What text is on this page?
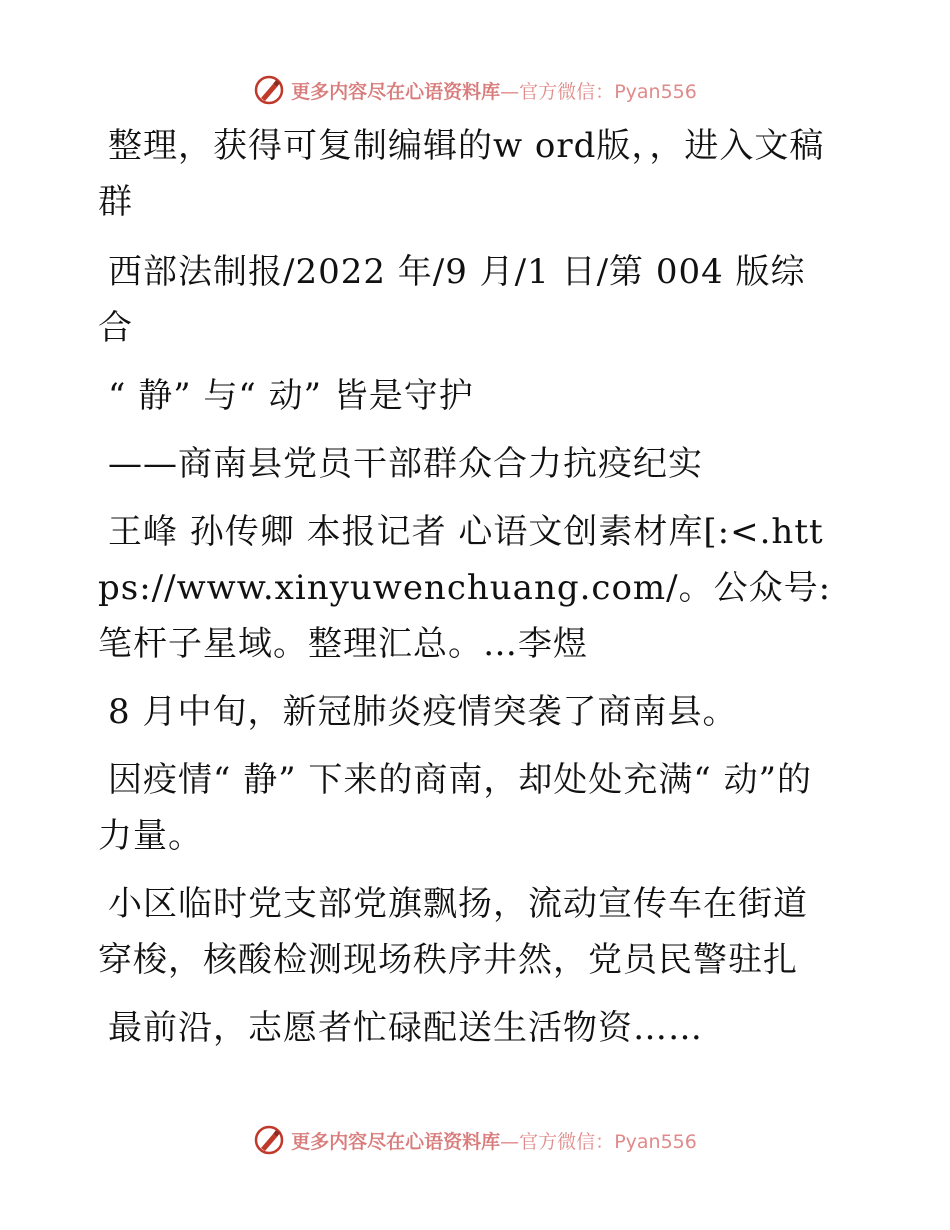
更多内容尽在心语资料库—官方微信：Pyan556

整理，获得可复制编辑的w ord版，，进入文稿群

西部法制报/2022 年/9 月/1 日/第 004 版综合

“ 静” 与“ 动” 皆是守护

——商南县党员干部群众合力抗疫纪实

王峰 孙传卿 本报记者 心语文创素材库[:<.https://www.xinyuwenchuang.com/。公众号:笔杆子星域。整理汇总。…李煜

8 月中旬，新冠肺炎疫情突袭了商南县。

因疫情“ 静” 下来的商南，却处处充满“ 动”的力量。

小区临时党支部党旗飘扬，流动宣传车在街道穿梭，核酸检测现场秩序井然，党员民警驻扎

最前沿，志愿者忙碌配送生活物资……

更多内容尽在心语资料库—官方微信：Pyan556
